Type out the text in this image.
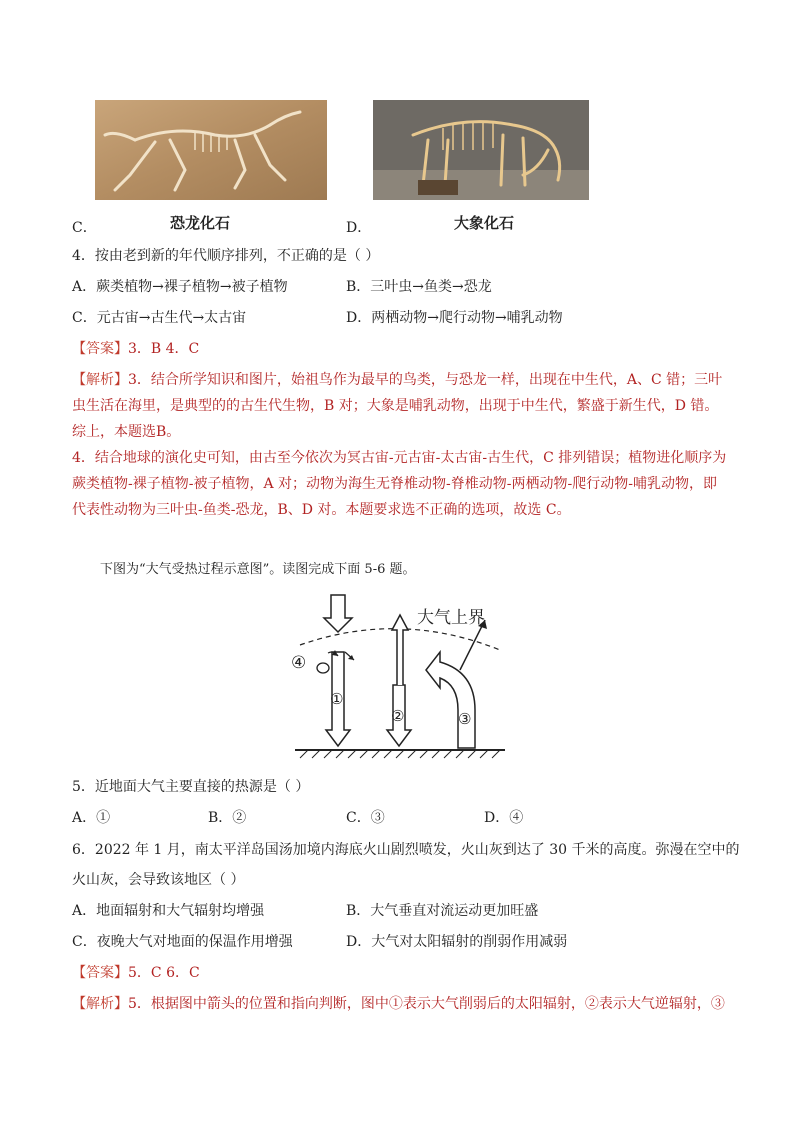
C．	恐龙化石	D．	大象化石
4．按由老到新的年代顺序排列，不正确的是（ ）
A．蕨类植物→裸子植物→被子植物	B．三叶虫→鱼类→恐龙
C．元古宙→古生代→太古宙	D．两栖动物→爬行动物→哺乳动物
【答案】3．B 4．C
【解析】3．结合所学知识和图片，始祖鸟作为最早的鸟类，与恐龙一样，出现在中生代，A、C 错；三叶虫生活在海里，是典型的的古生代生物，B 对；大象是哺乳动物，出现于中生代，繁盛于新生代，D 错。综上，本题选B。
4．结合地球的演化史可知，由古至今依次为冥古宙-元古宙-太古宙-古生代，C 排列错误；植物进化顺序为蕨类植物-裸子植物-被子植物，A 对；动物为海生无脊椎动物-脊椎动物-两栖动物-爬行动物-哺乳动物，即代表性动物为三叶虫-鱼类-恐龙，B、D 对。本题要求选不正确的选项，故选 C。
下图为“大气受热过程示意图”。读图完成下面 5-6 题。
大气上界
④
①
②	③
5．近地面大气主要直接的热源是（ ）
A．①	B．②	C．③	D．④
6．2022 年 1 月，南太平洋岛国汤加境内海底火山剧烈喷发，火山灰到达了 30 千米的高度。弥漫在空中的
火山灰，会导致该地区（ ）
A．地面辐射和大气辐射均增强	B．大气垂直对流运动更加旺盛
C．夜晚大气对地面的保温作用增强	D．大气对太阳辐射的削弱作用减弱
【答案】5．C 6．C
【解析】5．根据图中箭头的位置和指向判断，图中①表示大气削弱后的太阳辐射，②表示大气逆辐射，③
